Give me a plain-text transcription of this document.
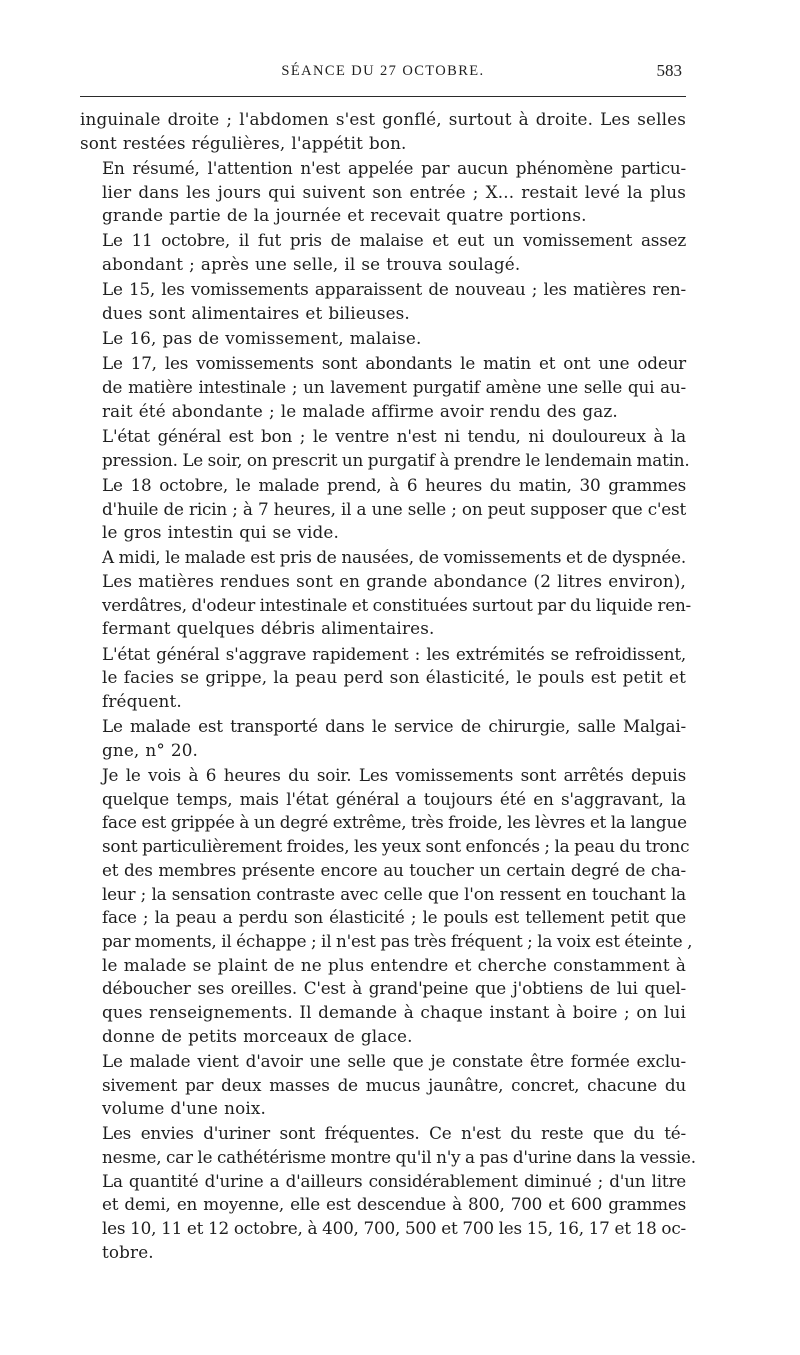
SÉANCE DU 27 OCTOBRE.	583
inguinale droite ; l'abdomen s'est gonflé, surtout à droite. Les selles
sont restées régulières, l'appétit bon.
En résumé, l'attention n'est appelée par aucun phénomène particu-
lier dans les jours qui suivent son entrée ; X... restait levé la plus
grande partie de la journée et recevait quatre portions.
Le 11 octobre, il fut pris de malaise et eut un vomissement assez
abondant ; après une selle, il se trouva soulagé.
Le 15, les vomissements apparaissent de nouveau ; les matières ren-
dues sont alimentaires et bilieuses.
Le 16, pas de vomissement, malaise.
Le 17, les vomissements sont abondants le matin et ont une odeur
de matière intestinale ; un lavement purgatif amène une selle qui au-
rait été abondante ; le malade affirme avoir rendu des gaz.
L'état général est bon ; le ventre n'est ni tendu, ni douloureux à la
pression. Le soir, on prescrit un purgatif à prendre le lendemain matin.
Le 18 octobre, le malade prend, à 6 heures du matin, 30 grammes
d'huile de ricin ; à 7 heures, il a une selle ; on peut supposer que c'est
le gros intestin qui se vide.
A midi, le malade est pris de nausées, de vomissements et de dyspnée.
Les matières rendues sont en grande abondance (2 litres environ),
verdâtres, d'odeur intestinale et constituées surtout par du liquide ren-
fermant quelques débris alimentaires.
L'état général s'aggrave rapidement : les extrémités se refroidissent,
le facies se grippe, la peau perd son élasticité, le pouls est petit et
fréquent.
Le malade est transporté dans le service de chirurgie, salle Malgai-
gne, n° 20.
Je le vois à 6 heures du soir. Les vomissements sont arrêtés depuis
quelque temps, mais l'état général a toujours été en s'aggravant, la
face est grippée à un degré extrême, très froide, les lèvres et la langue
sont particulièrement froides, les yeux sont enfoncés ; la peau du tronc
et des membres présente encore au toucher un certain degré de cha-
leur ; la sensation contraste avec celle que l'on ressent en touchant la
face ; la peau a perdu son élasticité ; le pouls est tellement petit que
par moments, il échappe ; il n'est pas très fréquent ; la voix est éteinte ,
le malade se plaint de ne plus entendre et cherche constamment à
déboucher ses oreilles. C'est à grand'peine que j'obtiens de lui quel-
ques renseignements. Il demande à chaque instant à boire ; on lui
donne de petits morceaux de glace.
Le malade vient d'avoir une selle que je constate être formée exclu-
sivement par deux masses de mucus jaunâtre, concret, chacune du
volume d'une noix.
Les envies d'uriner sont fréquentes. Ce n'est du reste que du té-
nesme, car le cathétérisme montre qu'il n'y a pas d'urine dans la vessie.
La quantité d'urine a d'ailleurs considérablement diminué ; d'un litre
et demi, en moyenne, elle est descendue à 800, 700 et 600 grammes
les 10, 11 et 12 octobre, à 400, 700, 500 et 700 les 15, 16, 17 et 18 oc-
tobre.
